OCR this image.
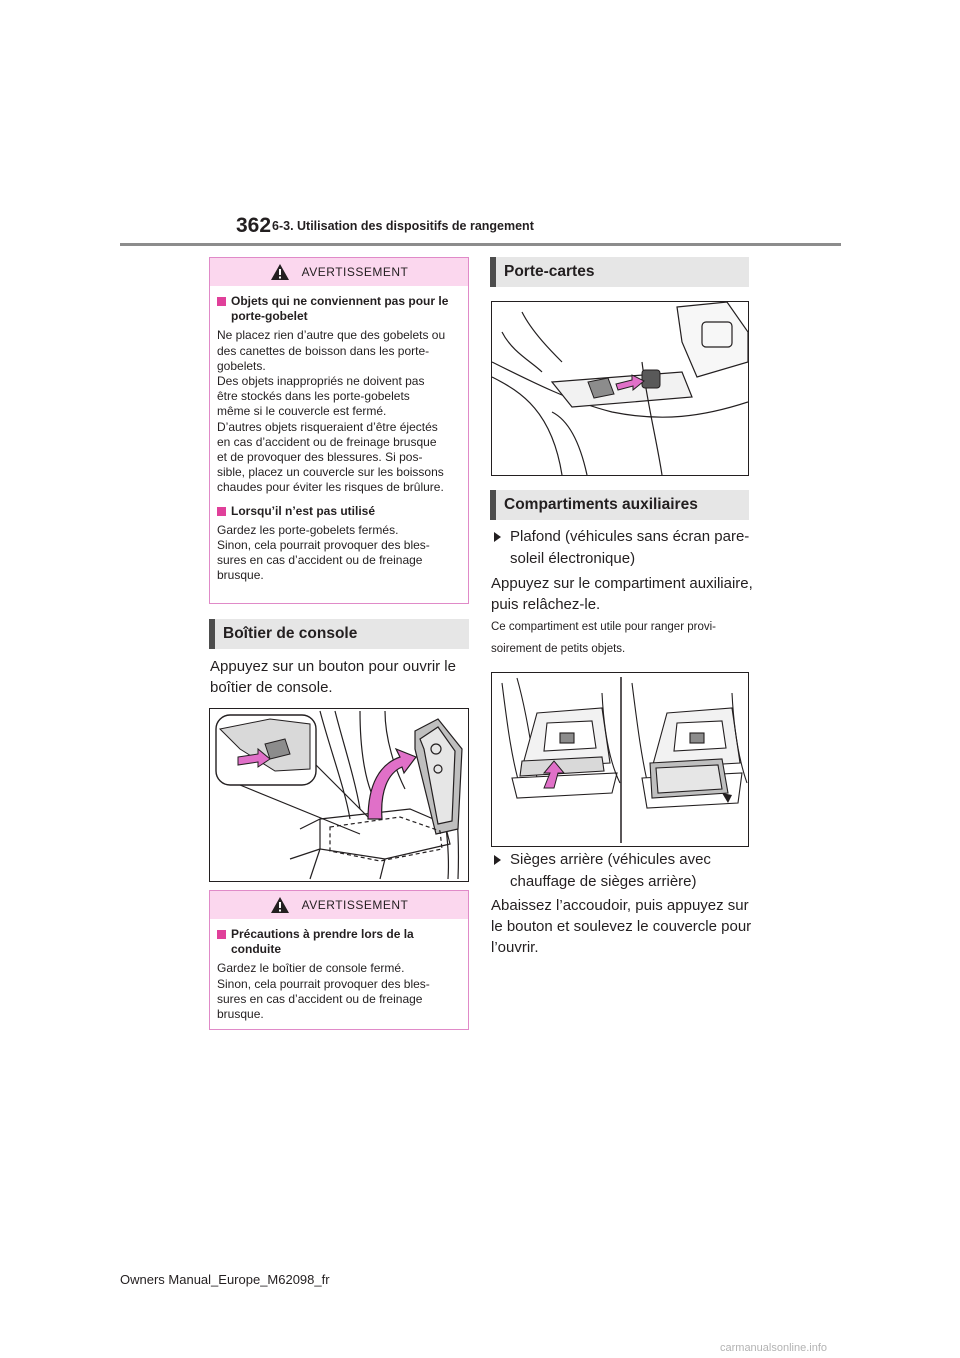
362 6-3. Utilisation des dispositifs de rangement
AVERTISSEMENT
Objets qui ne conviennent pas pour le porte-gobelet

Ne placez rien d’autre que des gobelets ou
des canettes de boisson dans les porte-
gobelets.
Des objets inappropriés ne doivent pas
être stockés dans les porte-gobelets
même si le couvercle est fermé.
D’autres objets risqueraient d’être éjectés
en cas d’accident ou de freinage brusque
et de provoquer des blessures. Si pos-
sible, placez un couvercle sur les boissons
chaudes pour éviter les risques de brûlure.

Lorsqu’il n’est pas utilisé

Gardez les porte-gobelets fermés.
Sinon, cela pourrait provoquer des bles-
sures en cas d’accident ou de freinage
brusque.

Boîtier de console
Appuyez sur un bouton pour ouvrir le
boîtier de console.
AVERTISSEMENT
Précautions à prendre lors de la conduite

Gardez le boîtier de console fermé.
Sinon, cela pourrait provoquer des bles-
sures en cas d’accident ou de freinage
brusque.

Porte-cartes
Compartiments auxiliaires
Plafond (véhicules sans écran pare-
soleil électronique)
Appuyez sur le compartiment auxiliaire,
puis relâchez-le.
Ce compartiment est utile pour ranger provi-
soirement de petits objets.
Sièges arrière (véhicules avec
chauffage de sièges arrière)
Abaissez l’accoudoir, puis appuyez sur
le bouton et soulevez le couvercle pour
l’ouvrir.
Owners Manual_Europe_M62098_fr
carmanualsonline.info
